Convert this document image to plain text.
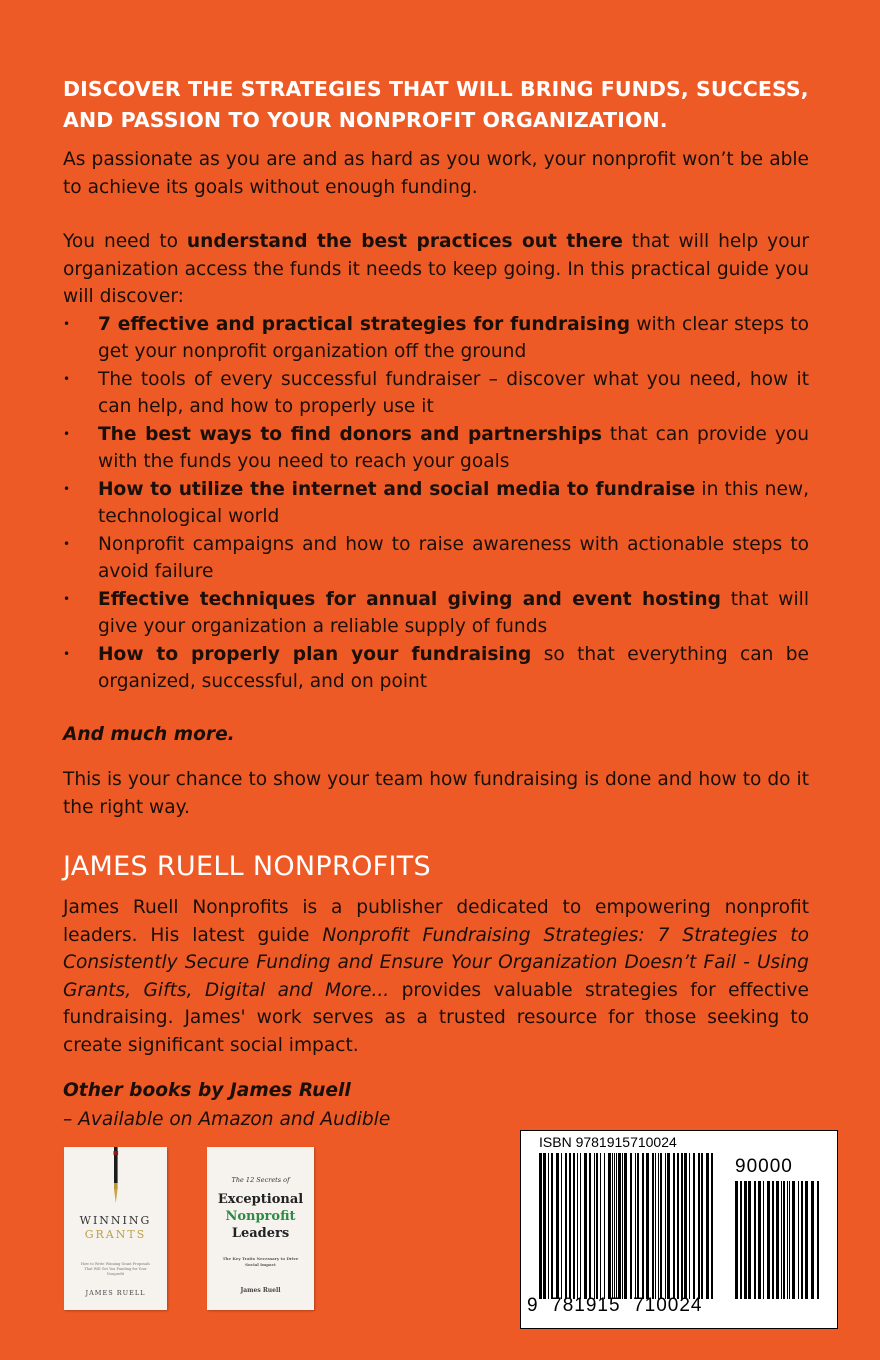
DISCOVER THE STRATEGIES THAT WILL BRING FUNDS, SUCCESS,
AND PASSION TO YOUR NONPROFIT ORGANIZATION.

As passionate as you are and as hard as you work, your nonprofit won’t be able to achieve its goals without enough funding.

You need to understand the best practices out there that will help your organization access the funds it needs to keep going. In this practical guide you will discover:

• 7 effective and practical strategies for fundraising with clear steps to get your nonprofit organization off the ground
• The tools of every successful fundraiser – discover what you need, how it can help, and how to properly use it
• The best ways to find donors and partnerships that can provide you with the funds you need to reach your goals
• How to utilize the internet and social media to fundraise in this new, technological world
• Nonprofit campaigns and how to raise awareness with actionable steps to avoid failure
• Effective techniques for annual giving and event hosting that will give your organization a reliable supply of funds
• How to properly plan your fundraising so that everything can be organized, successful, and on point
And much more.

This is your chance to show your team how fundraising is done and how to do it the right way.

JAMES RUELL NONPROFITS

James Ruell Nonprofits is a publisher dedicated to empowering nonprofit leaders. His latest guide Nonprofit Fundraising Strategies: 7 Strategies to Consistently Secure Funding and Ensure Your Organization Doesn’t Fail - Using Grants, Gifts, Digital and More... provides valuable strategies for effective fundraising. James' work serves as a trusted resource for those seeking to create significant social impact.

Other books by James Ruell
– Available on Amazon and Audible
WINNING
GRANTS
How to Write Winning Grant Proposals That Will Get You Funding for Your Nonprofit
JAMES RUELL
The 12 Secrets of
Exceptional
Nonprofit
Leaders
The Key Traits Necessary to Drive Social Impact
James Ruell
ISBN 9781915710024
90000
9  781915  710024
